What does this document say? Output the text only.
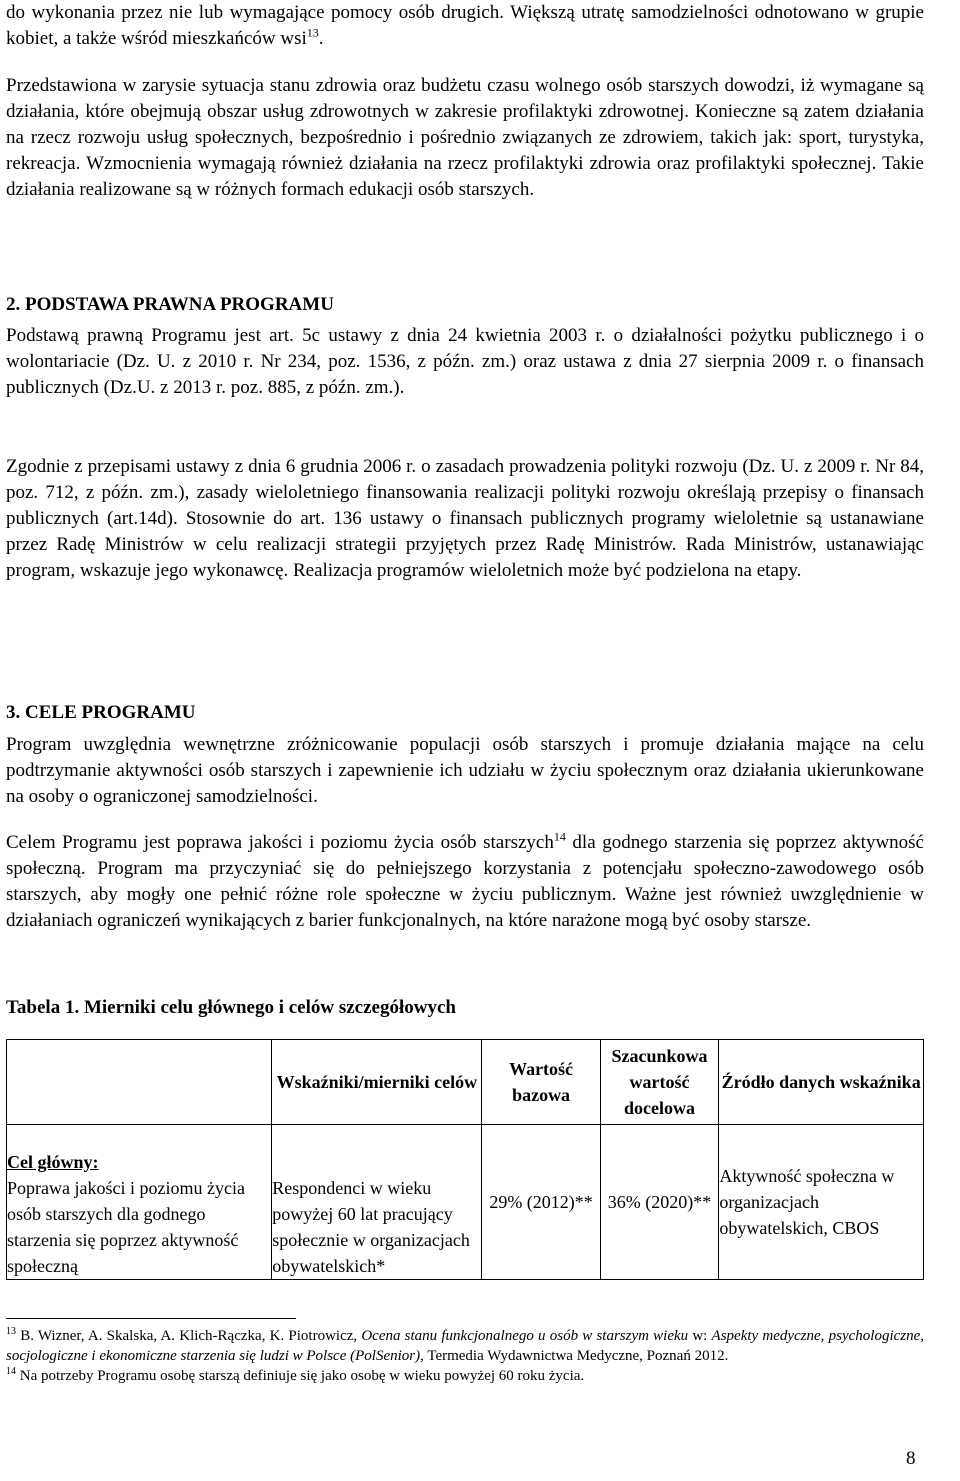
do wykonania przez nie lub wymagające pomocy osób drugich. Większą utratę samodzielności odnotowano w grupie kobiet, a także wśród mieszkańców wsi$^{13}$.

Przedstawiona w zarysie sytuacja stanu zdrowia oraz budżetu czasu wolnego osób starszych dowodzi, iż wymagane są działania, które obejmują obszar usług zdrowotnych w zakresie profilaktyki zdrowotnej. Konieczne są zatem działania na rzecz rozwoju usług społecznych, bezpośrednio i pośrednio związanych ze zdrowiem, takich jak: sport, turystyka, rekreacja. Wzmocnienia wymagają również działania na rzecz profilaktyki zdrowia oraz profilaktyki społecznej. Takie działania realizowane są w różnych formach edukacji osób starszych.

2. PODSTAWA PRAWNA PROGRAMU

Podstawą prawną Programu jest art. 5c ustawy z dnia 24 kwietnia 2003 r. o działalności pożytku publicznego i o wolontariacie (Dz. U. z 2010 r. Nr 234, poz. 1536, z późn. zm.) oraz ustawa z dnia 27 sierpnia 2009 r. o finansach publicznych (Dz.U. z 2013 r. poz. 885, z późn. zm.).

Zgodnie z przepisami ustawy z dnia 6 grudnia 2006 r. o zasadach prowadzenia polityki rozwoju (Dz. U. z 2009 r. Nr 84, poz. 712, z późn. zm.), zasady wieloletniego finansowania realizacji polityki rozwoju określają przepisy o finansach publicznych (art.14d). Stosownie do art. 136 ustawy o finansach publicznych programy wieloletnie są ustanawiane przez Radę Ministrów w celu realizacji strategii przyjętych przez Radę Ministrów. Rada Ministrów, ustanawiając program, wskazuje jego wykonawcę. Realizacja programów wieloletnich może być podzielona na etapy.

3. CELE PROGRAMU

Program uwzględnia wewnętrzne zróżnicowanie populacji osób starszych i promuje działania mające na celu podtrzymanie aktywności osób starszych i zapewnienie ich udziału w życiu społecznym oraz działania ukierunkowane na osoby o ograniczonej samodzielności.

Celem Programu jest poprawa jakości i poziomu życia osób starszych$^{14}$ dla godnego starzenia się poprzez aktywność społeczną. Program ma przyczyniać się do pełniejszego korzystania z potencjału społeczno-zawodowego osób starszych, aby mogły one pełnić różne role społeczne w życiu publicznym. Ważne jest również uwzględnienie w działaniach ograniczeń wynikających z barier funkcjonalnych, na które narażone mogą być osoby starsze.

Tabela 1. Mierniki celu głównego i celów szczegółowych

	Wskaźniki/mierniki celów	Wartość bazowa	Szacunkowa wartość docelowa	Źródło danych wskaźnika

Cel główny:
Poprawa jakości i poziomu życia osób starszych dla godnego starzenia się poprzez aktywność społeczną	Respondenci w wieku powyżej 60 lat pracujący społecznie w organizacjach obywatelskich*	29% (2012)**	36% (2020)**	Aktywność społeczna w organizacjach obywatelskich, CBOS

$^{13}$ B. Wizner, A. Skalska, A. Klich-Rączka, K. Piotrowicz, Ocena stanu funkcjonalnego u osób w starszym wieku w: Aspekty medyczne, psychologiczne, socjologiczne i ekonomiczne starzenia się ludzi w Polsce (PolSenior), Termedia Wydawnictwa Medyczne, Poznań 2012.

$^{14}$ Na potrzeby Programu osobę starszą definiuje się jako osobę w wieku powyżej 60 roku życia.

8
